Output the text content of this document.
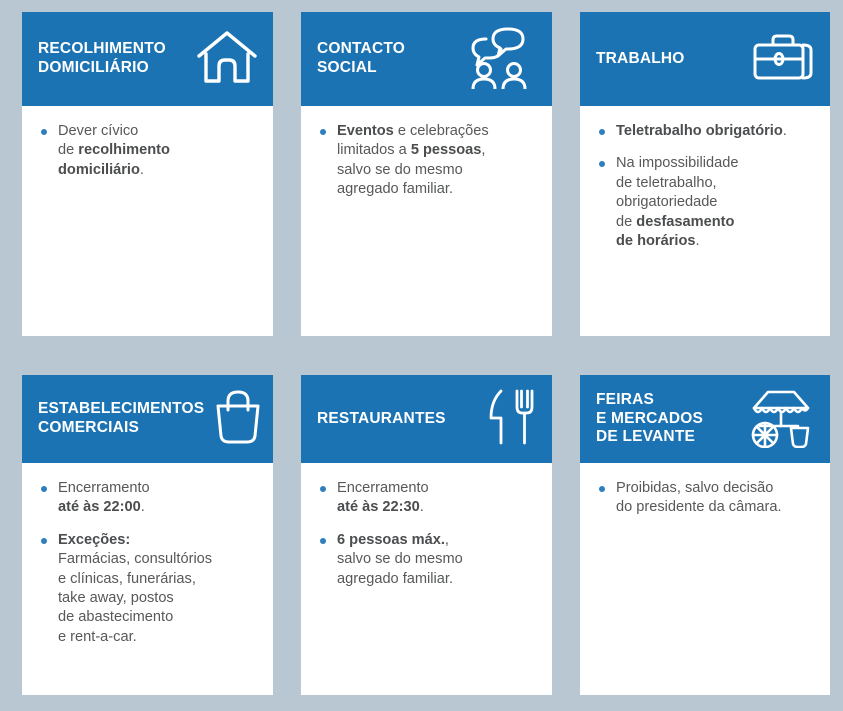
RECOLHIMENTO
DOMICILIÁRIO
Dever cívico
de recolhimento
domiciliário.
CONTACTO
SOCIAL
Eventos e celebrações
limitados a 5 pessoas,
salvo se do mesmo
agregado familiar.
TRABALHO
Teletrabalho obrigatório.
Na impossibilidade
de teletrabalho,
obrigatoriedade
de desfasamento
de horários.
ESTABELECIMENTOS
COMERCIAIS
Encerramento
até às 22:00.
Exceções:
Farmácias, consultórios
e clínicas, funerárias,
take away, postos
de abastecimento
e rent-a-car.
RESTAURANTES
Encerramento
até às 22:30.
6 pessoas máx.,
salvo se do mesmo
agregado familiar.
FEIRAS
E MERCADOS
DE LEVANTE
Proibidas, salvo decisão
do presidente da câmara.
